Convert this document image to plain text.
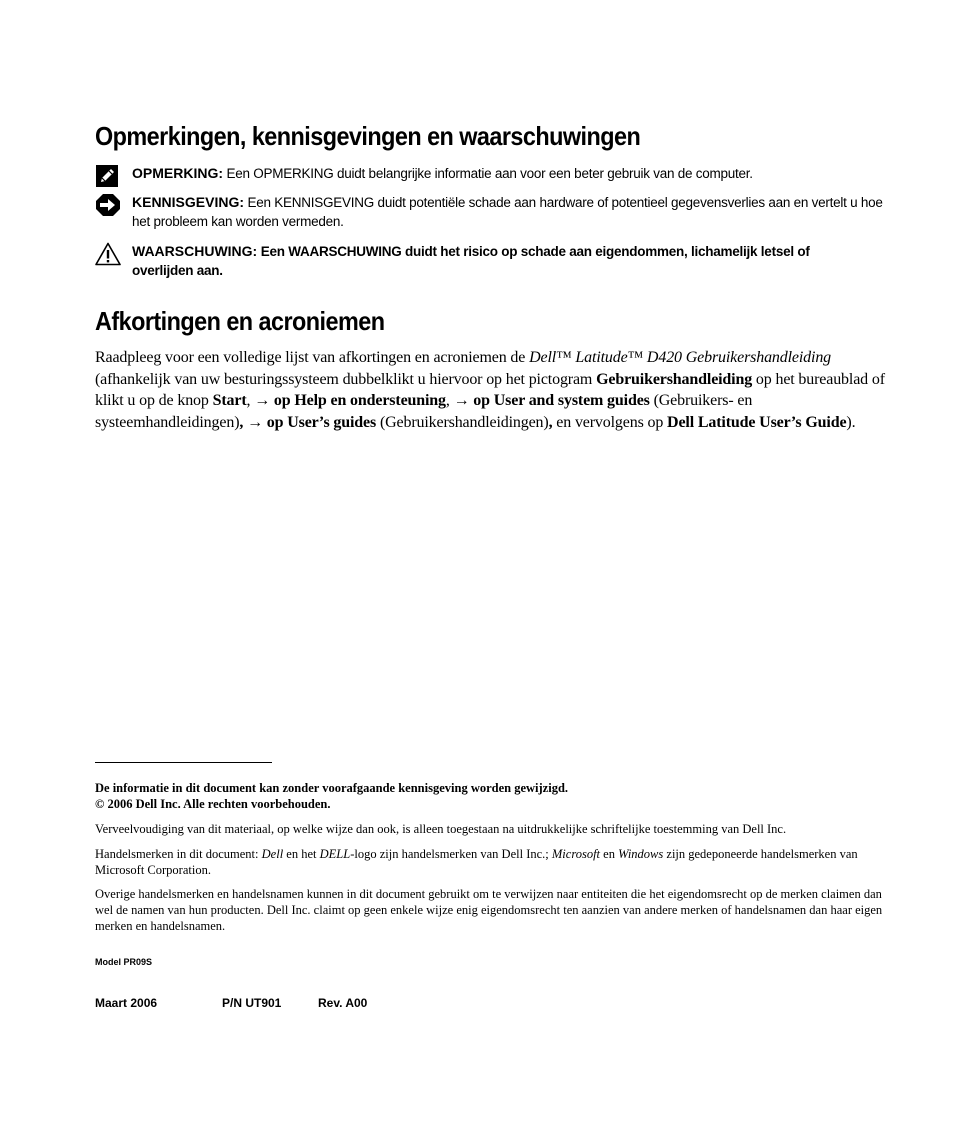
Opmerkingen, kennisgevingen en waarschuwingen
OPMERKING: Een OPMERKING duidt belangrijke informatie aan voor een beter gebruik van de computer.
KENNISGEVING: Een KENNISGEVING duidt potentiële schade aan hardware of potentieel gegevensverlies aan en vertelt u hoe het probleem kan worden vermeden.
WAARSCHUWING: Een WAARSCHUWING duidt het risico op schade aan eigendommen, lichamelijk letsel of overlijden aan.
Afkortingen en acroniemen

Raadpleeg voor een volledige lijst van afkortingen en acroniemen de Dell™ Latitude™ D420 Gebruikershandleiding (afhankelijk van uw besturingssysteem dubbelklikt u hiervoor op het pictogram Gebruikershandleiding op het bureaublad of klikt u op de knop Start, → op Help en ondersteuning, → op User and system guides (Gebruikers- en systeemhandleidingen), → op User’s guides (Gebruikershandleidingen), en vervolgens op Dell Latitude User’s Guide).

De informatie in dit document kan zonder voorafgaande kennisgeving worden gewijzigd.
© 2006 Dell Inc. Alle rechten voorbehouden.

Verveelvoudiging van dit materiaal, op welke wijze dan ook, is alleen toegestaan na uitdrukkelijke schriftelijke toestemming van Dell Inc.

Handelsmerken in dit document: Dell en het DELL-logo zijn handelsmerken van Dell Inc.; Microsoft en Windows zijn gedeponeerde handelsmerken van Microsoft Corporation.

Overige handelsmerken en handelsnamen kunnen in dit document gebruikt om te verwijzen naar entiteiten die het eigendomsrecht op de merken claimen dan wel de namen van hun producten. Dell Inc. claimt op geen enkele wijze enig eigendomsrecht ten aanzien van andere merken of handelsnamen dan haar eigen merken en handelsnamen.

Model PR09S
Maart 2006	P/N UT901	Rev. A00
